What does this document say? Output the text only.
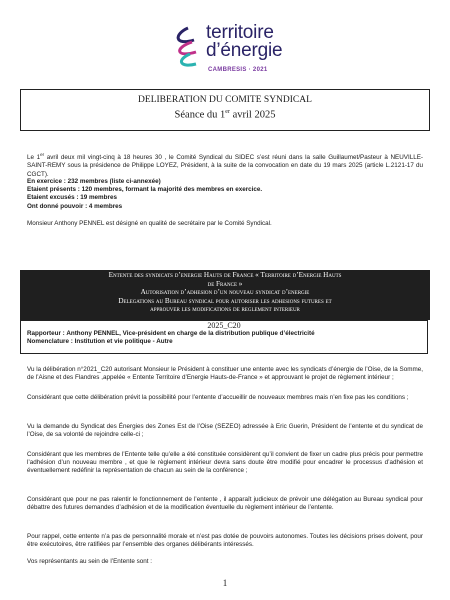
territoire
d’énergie
CAMBRESIS · 2021
DELIBERATION DU COMITE SYNDICAL
Séance du 1er avril 2025
Le 1er avril deux mil vingt-cinq à 18 heures 30 , le Comité Syndical du SIDEC s’est réuni dans la salle Guillaumet/Pasteur à NEUVILLE-SAINT-REMY sous la présidence de Philippe LOYEZ, Président, à la suite de la convocation en date du 19 mars 2025 (article L.2121-17 du CGCT).
En exercice : 232 membres (liste ci-annexée)
Etaient présents : 120 membres, formant la majorité des membres en exercice.
Etaient excusés : 19 membres
Ont donné pouvoir : 4 membres
Monsieur Anthony PENNEL est désigné en qualité de secrétaire par le Comité Syndical.
Entente des syndicats d’energie Hauts de France « Territoire d’Energie Hauts
de France »
Autorisation d’adhesion d’un nouveau syndicat d’energie
Delegations au Bureau syndical pour autoriser les adhesions futures et
approuver les modifications de reglement interieur
2025_C20
Rapporteur : Anthony PENNEL, Vice-président en charge de la distribution publique d’électricité
Nomenclature : Institution et vie politique - Autre
Vu la délibération n°2021_C20 autorisant Monsieur le Président à constituer une entente avec les syndicats d’énergie de l’Oise, de la Somme, de l’Aisne et des Flandres ,appelée « Entente Territoire d’Energie Hauts-de-France » et approuvant le projet de règlement intérieur ;
Considérant que cette délibération prévit la possibilité pour l’entente d’accueillir de nouveaux membres mais n’en fixe pas les conditions ;
Vu la demande du Syndicat des Énergies des Zones Est de l’Oise (SEZEO) adressée à Eric Guerin, Président de l’entente et du syndicat de l’Oise, de sa volonté de rejoindre celle-ci ;
Considérant que les membres de l’Entente telle qu’elle a été constituée considèrent qu’il convient de fixer un cadre plus précis pour permettre l’adhésion d’un nouveau membre , et que le règlement intérieur devra sans doute être modifié pour encadrer le processus d’adhésion et éventuellement redéfinir la représentation de chacun au sein de la conférence ;
Considérant que pour ne pas ralentir le fonctionnement de l’entente , il apparaît judicieux de prévoir une délégation au Bureau syndical pour débattre des futures demandes d’adhésion et de la modification éventuelle du règlement intérieur de l’entente.
Pour rappel, cette entente n’a pas de personnalité morale et n’est pas dotée de pouvoirs autonomes. Toutes les décisions prises doivent, pour être exécutoires, être ratifiées par l’ensemble des organes délibérants intéressés.
Vos représentants au sein de l’Entente sont :
1
